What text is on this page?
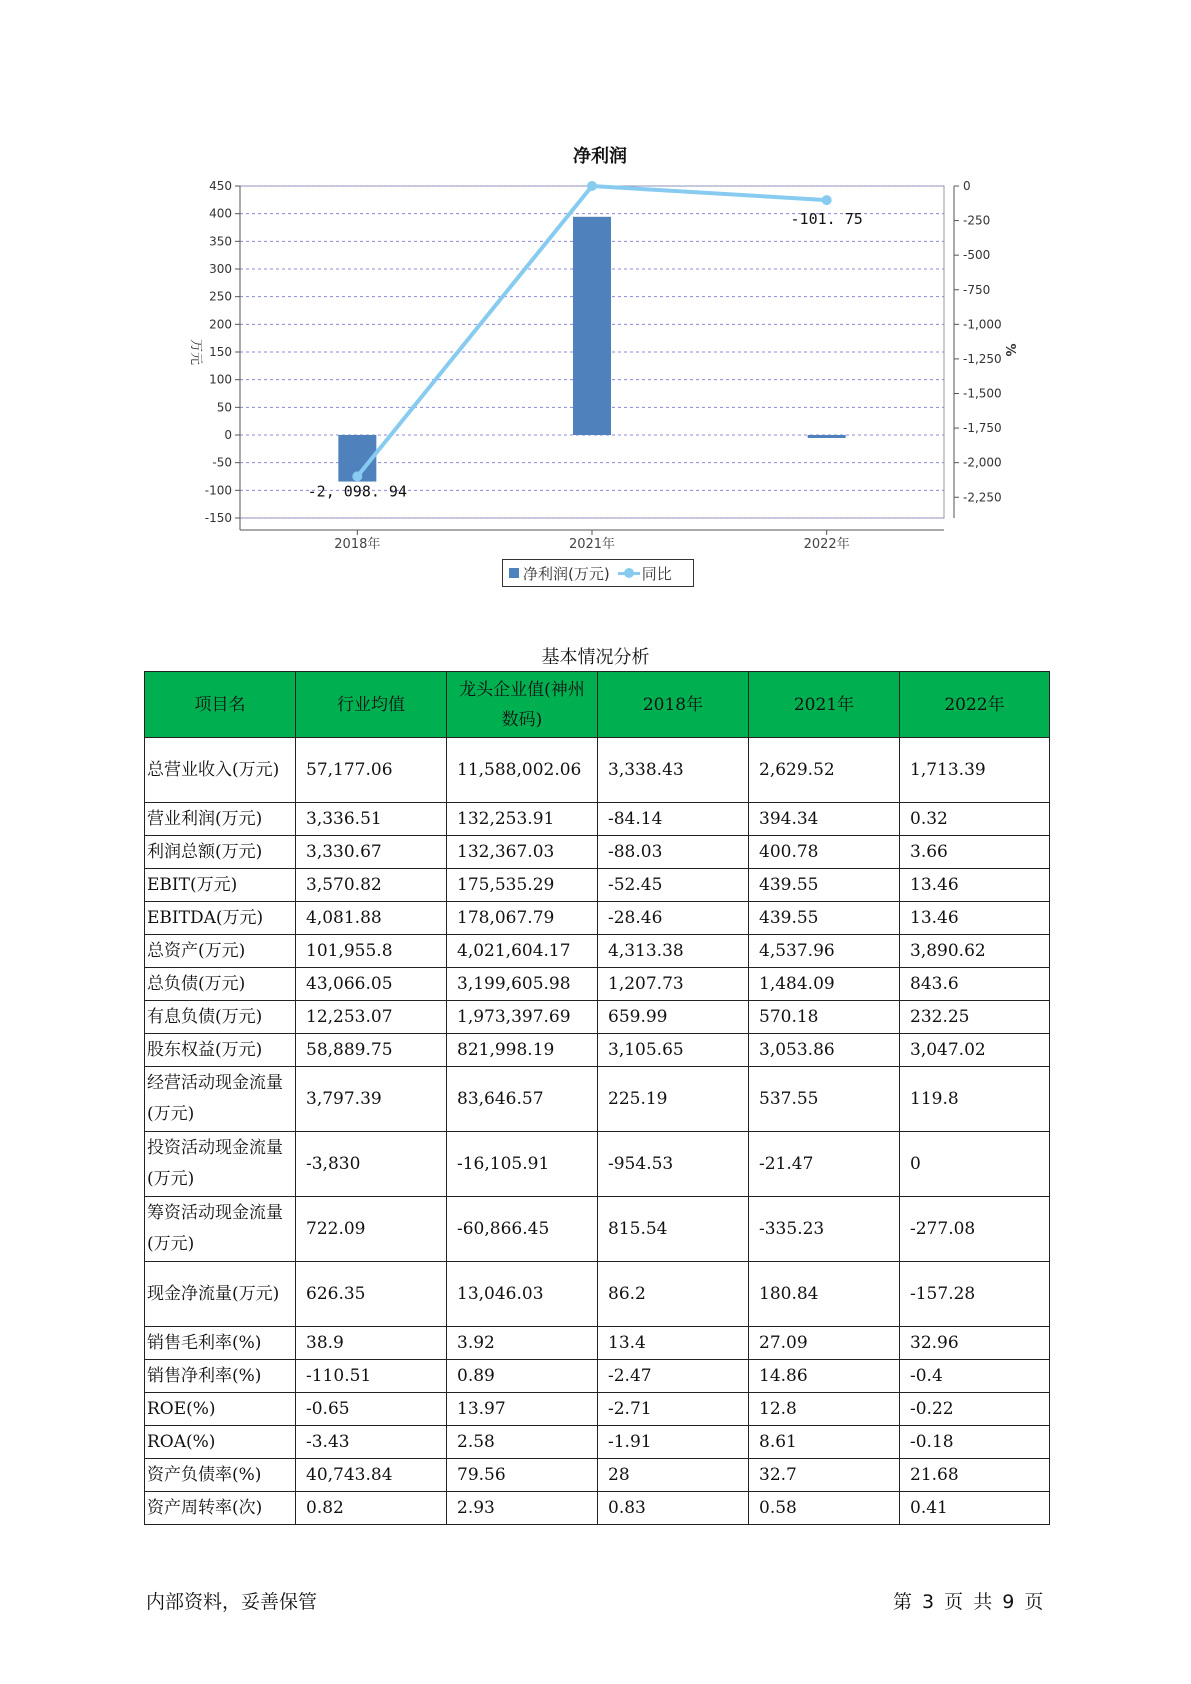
净利润
450
400
350
300
250
200
150
100
50
0
-50
-100
-150
0
-250
-500
-750
-1,000
-1,250
-1,500
-1,750
-2,000
-2,250
2018年	2021年	2022年
-2, 098. 94
-101. 75
万元	%
净利润(万元) 同比
基本情况分析
项目名	行业均值	龙头企业值(神州数码)	2018年	2021年	2022年
总营业收入(万元)	57,177.06	11,588,002.06	3,338.43	2,629.52	1,713.39
营业利润(万元)	3,336.51	132,253.91	-84.14	394.34	0.32
利润总额(万元)	3,330.67	132,367.03	-88.03	400.78	3.66
EBIT(万元)	3,570.82	175,535.29	-52.45	439.55	13.46
EBITDA(万元)	4,081.88	178,067.79	-28.46	439.55	13.46
总资产(万元)	101,955.8	4,021,604.17	4,313.38	4,537.96	3,890.62
总负债(万元)	43,066.05	3,199,605.98	1,207.73	1,484.09	843.6
有息负债(万元)	12,253.07	1,973,397.69	659.99	570.18	232.25
股东权益(万元)	58,889.75	821,998.19	3,105.65	3,053.86	3,047.02
经营活动现金流量(万元)	3,797.39	83,646.57	225.19	537.55	119.8
投资活动现金流量(万元)	-3,830	-16,105.91	-954.53	-21.47	0
筹资活动现金流量(万元)	722.09	-60,866.45	815.54	-335.23	-277.08
现金净流量(万元)	626.35	13,046.03	86.2	180.84	-157.28
销售毛利率(%)	38.9	3.92	13.4	27.09	32.96
销售净利率(%)	-110.51	0.89	-2.47	14.86	-0.4
ROE(%)	-0.65	13.97	-2.71	12.8	-0.22
ROA(%)	-3.43	2.58	-1.91	8.61	-0.18
资产负债率(%)	40,743.84	79.56	28	32.7	21.68
资产周转率(次)	0.82	2.93	0.83	0.58	0.41
内部资料，妥善保管	第 3 页 共 9 页
